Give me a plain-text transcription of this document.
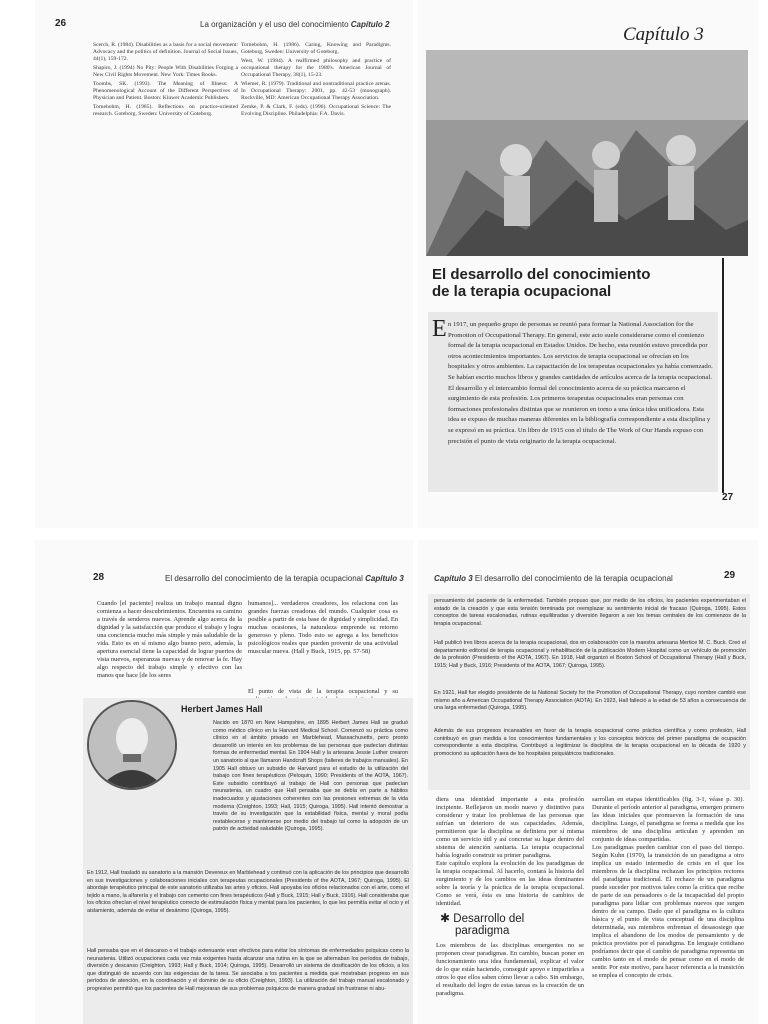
26	La organización y el uso del conocimiento Capítulo 2

Scerch, R. (1984). Disabilities as a basis for a social movement: Advocacy and the politics of definition. Journal of Social Issues, 44(1), 159-172.

Shapiro, J. (1994) No Pity: People With Disabilities Forging a New Civil Rights Movement. New York: Times Books.

Toombs, SK. (1993). The Meaning of Illness: A Phenomenological Account of the Different Perspectives of Physician and Patient. Boston: Kluwer Academic Publishers.

Tornebohm, H. (1985). Reflections on practice-oriented research. Goteborg, Sweden: University of Goteborg.

Tornebohm, H. (1986). Caring, Knowing and Paradigms. Goteborg, Sweden: University of Goteborg.

West, W. (1984). A reaffirmed philosophy and practice of occupational therapy for the 1980's. American Journal of Occupational Therapy, 38(1), 15-23.

Wiemer, R. (1979). Traditional and nontraditional practice arenas. In Occupational Therapy: 2001, pp. 42-53 (monograph). Rockville, MD: American Occupational Therapy Association.

Zemke, P. & Clark, F. (eds). (1996). Occupational Science: The Evolving Discipline. Philadelphia: F.A. Davis.

Capítulo 3
El desarrollo del conocimiento
de la terapia ocupacional
E n 1917, un pequeño grupo de personas se reunió para formar la National Association for the Promotion of Occupational Therapy. En general, este acto suele considerarse como el comienzo formal de la terapia ocupacional en Estados Unidos. De hecho, esta reunión estuvo precedida por otros acontecimientos importantes. Los servicios de terapia ocupacional se ofrecían en los hospitales y otros ambientes. La capacitación de los terapeutas ocupacionales ya había comenzado. Se habían escrito muchos libros y grandes cantidades de artículos acerca de la terapia ocupacional. El desarrollo y el intercambio formal del conocimiento acerca de su práctica marcaron el surgimiento de esta profesión. Los primeros terapeutas ocupacionales eran personas con formaciones profesionales distintas que se reunieron en torno a una única idea unificadora. Esta idea se expuso de muchas maneras diferentes en la bibliografía correspondiente a esta disciplina y se expresó en su práctica. Un libro de 1915 con el título de The Work of Our Hands expuso con precisión el punto de vista originario de la terapia ocupacional.
27
28	El desarrollo del conocimiento de la terapia ocupacional Capítulo 3
Cuando [el paciente] realiza un trabajo manual digno comienza a hacer descubrimientos. Encuentra su camino a través de senderos nuevos. Aprende algo acerca de la dignidad y la satisfacción que produce el trabajo y logra una conciencia mucho más simple y más saludable de la vida. Esto es en sí mismo algo bueno pero, además, la apertura esencial tiene la capacidad de lograr puertos de vista nuevos, esperanzas nuevas y de renovar la fe. Hay algo respecto del trabajo simple y efectivo con las manos que hace [de los seres
humanos]... verdaderos creadores, los relaciona con las grandes fuerzas creadoras del mundo. Cualquier cosa es posible a partir de esta base de dignidad y simplicidad. En muchas ocasiones, la naturaleza emprende su retorno generoso y pleno. Todo esto se agrega a los beneficios psicológicos reales que pueden provenir de una actividad muscular nueva. (Hall y Buck, 1915, pp. 57-58)
El punto de vista de la terapia ocupacional y su
Herbert James Hall
Nacido en 1870 en New Hampshire, en 1895 Herbert James Hall se graduó como médico clínico en la Harvard Medical School. Comenzó su práctica como clínico en el ámbito privado en Marblehead, Massachusetts, pero pronto desarrolló un interés en los problemas de las personas que padecían distintas formas de enfermedad mental. En 1904 Hall y la artesana Jessie Luther crearon un sanatorio al que llamaron Handcraft Shops (talleres de trabajos manuales). En 1905 Hall obtuvo un subsidio de Harvard para el estudio de la utilización del trabajo con fines terapéuticos (Peloquin, 1990; Presidents of the AOTA, 1967). Este subsidio contribuyó al trabajo de Hall con personas que padecían neurastenia, un cuadro que Hall pensaba que se debía en parte a hábitos inadecuados y ajustaciones coherentes con las presiones extremas de la vida moderna (Creighton, 1993; Hall, 1915; Quiroga, 1995). Hall intentó demostrar a través de su investigación que la estabilidad física, mental y moral podía restablecerse y mantenerse por medio del trabajo tal como la adopción de un patrón de actividad saludable (Quiroga, 1995).
En 1912, Hall trasladó su sanatorio a la mansión Devereux en Marblehead y continuó con la aplicación de los principios que desarrolló en sus investigaciones y colaboraciones iniciales con terapeutas ocupacionales (Presidents of the AOTA, 1967; Quiroga, 1995). El abordaje terapéutico principal de este sanatorio utilizaba las artes y oficios. Hall apoyaba los oficios relacionados con el arte, como el tejido a mano, la alfarería y el trabajo con cemento con fines terapéuticos (Hall y Buck, 1915; Hall y Buck, 1916). Hall consideraba que los oficios ofrecían el nivel terapéutico correcto de estimulación física y mental para los pacientes, lo que les permitía evitar el ocio y el aislamiento, además de evitar el desánimo (Quiroga, 1995).
Hall pensaba que en el descanso o el trabajo extenuante eran efectivos para evitar los síntomas de enfermedades psíquicas como la neurastenia. Utilizó ocupaciones cada vez más exigentes hasta alcanzar una rutina en la que se alternaban los períodos de trabajo, diversión y descanso (Creighton, 1993; Hall y Buck, 1914; Quiroga, 1995). Desarrolló un sistema de dosificación de los oficios, a los que distinguió de acuerdo con las exigencias de la tarea. Se asociaba a los pacientes a medida que mostraban progreso en sus períodos de atención, en la coordinación y el dominio de su oficio (Creighton, 1993). La utilización del trabajo manual escalonado y progresivo permitió que los pacientes de Hall mejoraran de sus problemas psíquicos de manera gradual sin frustrarse ni abu-
Capítulo 3 El desarrollo del conocimiento de la terapia ocupacional	29
pensamiento del paciente de la enfermedad. También propuso que, por medio de los oficios, los pacientes experimentaban el estado de la creación y que esta tensión terminada por reemplazar su sentimiento inicial de fracaso (Quiroga, 1995). Estos conceptos de tareas escalonadas, rutinas equilibradas y diversión llegaron a ser los temas centrales de los comienzos de la terapia ocupacional.
Hall publicó tres libros acerca de la terapia ocupacional, dos en colaboración con la maestra artesana Mertice M. C. Buck. Creó el departamento editorial de terapia ocupacional y rehabilitación de la publicación Modern Hospital como un vehículo de promoción de la profesión (Presidents of the AOTA, 1967). En 1918, Hall organizó el Boston School of Occupational Therapy (Hall y Buck, 1915; Hall y Buck, 1916; Presidents of the AOTA, 1967; Quiroga, 1995).
En 1921, Hall fue elegido presidente de la National Society for the Promotion of Occupational Therapy, cuyo nombre cambió ese mismo año a American Occupational Therapy Association (AOTA). En 1923, Hall falleció a la edad de 53 años a consecuencia de una larga enfermedad (Quiroga, 1995).
Además de sus progresos incansables en favor de la terapia ocupacional como práctica científica y como profesión, Hall contribuyó en gran medida a los conocimientos fundamentales y los conceptos teóricos del primer paradigma de ocupación correspondiente a esta disciplina. Contribuyó a legitimizar la disciplina de la terapia ocupacional en la década de 1920 y promocionó su aplicación fuera de los hospitales psiquiátricos tradicionales.
diera una identidad importante a esta profesión incipiente. Reflejaron un modo nuevo y distintivo para considerar y tratar los problemas de las personas que sufrían un deterioro de sus capacidades. Además, permitieron que la disciplina se definiera por sí misma como un servicio útil y así concretar su lugar dentro del sistema de atención sanitaria. La terapia ocupacional había logrado construir su primer paradigma.
Este capítulo explora la evolución de los paradigmas de la terapia ocupacional. Al hacerlo, contará la historia del surgimiento y de los cambios en las ideas dominantes sobre la teoría y la práctica de la terapia ocupacional. Como se verá, ésta es una historia de cambios de identidad.
✱ Desarrollo del
paradigma
Los miembros de las disciplinas emergentes no se proponen crear paradigmas. En cambio, buscan poner en funcionamiento una idea fundamental, explicar el valor de lo que están haciendo, conseguir apoyo e impartirles a otros lo que ellos saben cómo llevar a cabo. Sin embargo, el resultado del logro de estas tareas es la creación de un paradigma.
sarrollan en etapas identificables (fig. 3-1, véase p. 30). Durante el período anterior al paradigma, emergen primero las ideas iniciales que promueven la formación de una disciplina. Luego, el paradigma se forma a medida que los miembros de una disciplina articulan y aprenden un conjunto de ideas compartidas.
Los paradigmas pueden cambiar con el paso del tiempo. Según Kuhn (1970), la transición de un paradigma a otro implica un estado intermedio de crisis en el que los miembros de la disciplina rechazan los principios rectores del paradigma tradicional. El rechazo de un paradigma puede suceder por motivos tales como la crítica que recibe de parte de sus pensadores o de la incapacidad del propio paradigma para lidiar con problemas nuevos que surgen dentro de su campo. Dado que el paradigma es la cultura básica y el punto de vista conceptual de una disciplina determinada, sus miembros enfrentan el desasosiego que implica el abandono de los modos de pensamiento y de práctica provistos por el paradigma. En lenguaje cotidiano podríamos decir que el cambio de paradigma representa un cambio tanto en el modo de pensar como en el modo de sentir. Por este motivo, para hacer referencia a la transición se emplea el concepto de crisis.
